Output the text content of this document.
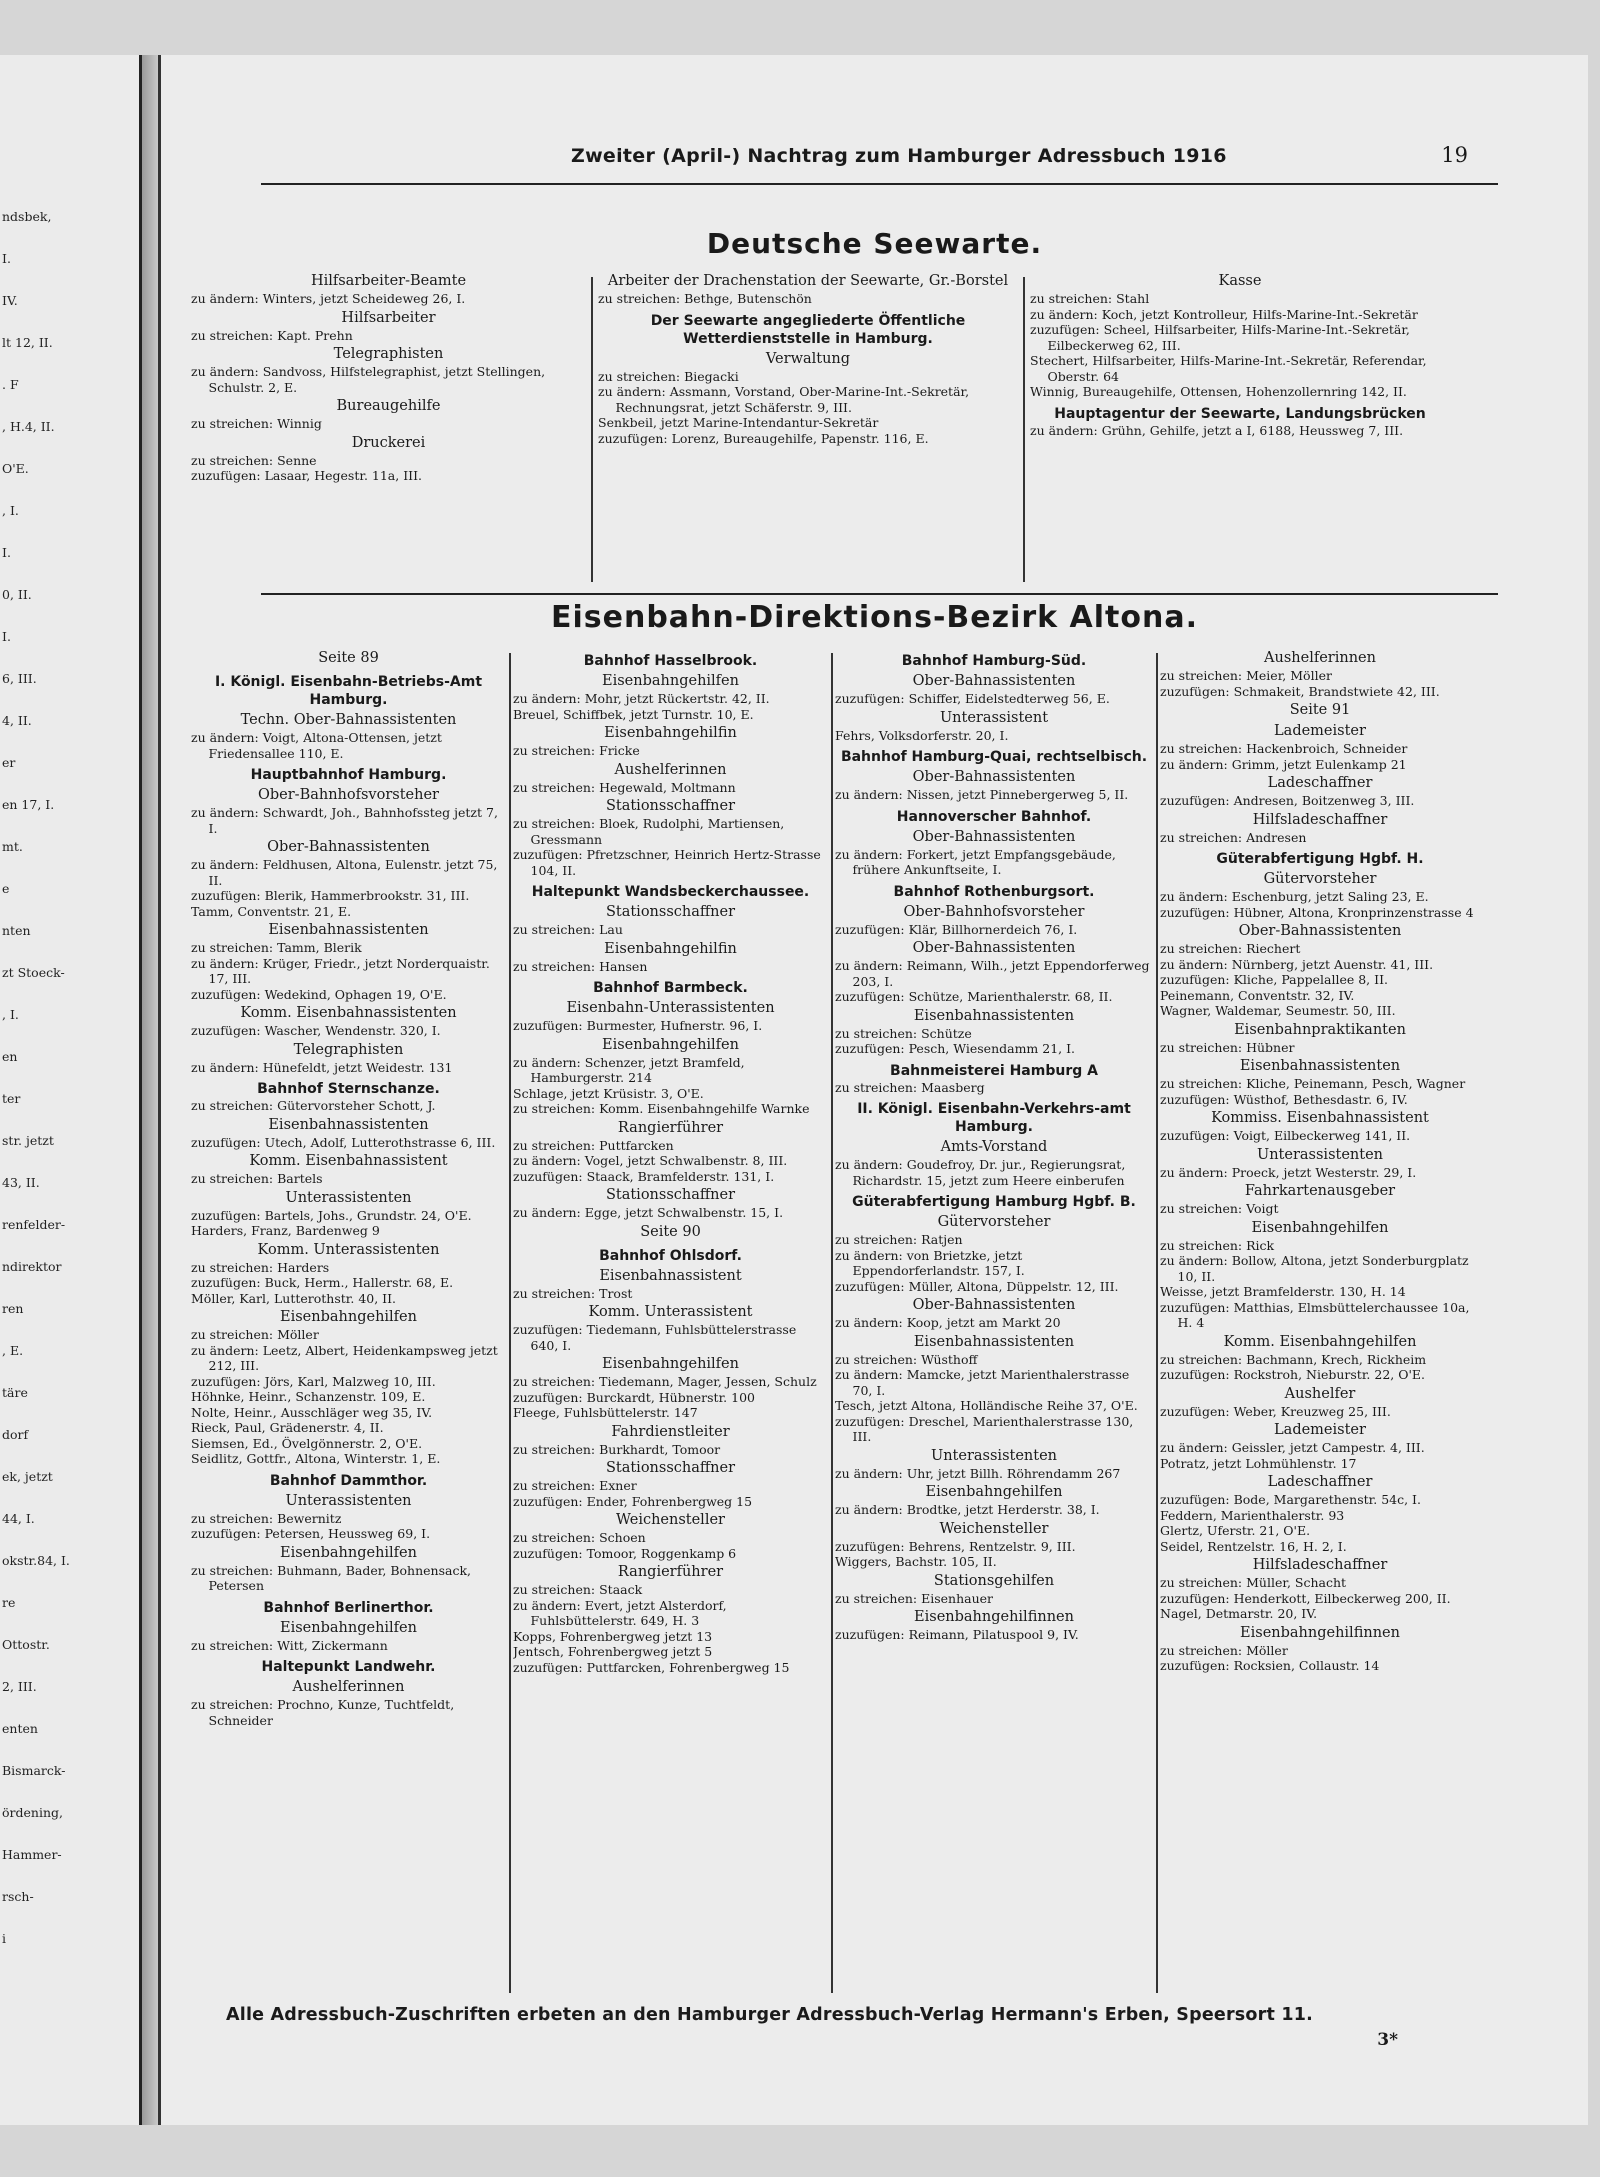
ndsbek,
I.
IV.
lt 12, II.
. F
, H.4, II.
O'E.
, I.
I.
0, II.
I.
6, III.
4, II.
er
en 17, I.
mt.
e
nten
zt Stoeck-
, I.
en
ter
str. jetzt
43, II.
renfelder-
ndirektor
ren
, E.
täre
dorf
ek, jetzt
44, I.
okstr.84, I.
re
Ottostr.
2, III.
enten
Bismarck-
ördening,
Hammer-
rsch-
i
Zweiter (April-) Nachtrag zum Hamburger Adressbuch 1916	19
Deutsche Seewarte.
Hilfsarbeiter-Beamte
zu ändern: Winters, jetzt Scheideweg 26, I.
Hilfsarbeiter
zu streichen: Kapt. Prehn
Telegraphisten
zu ändern: Sandvoss, Hilfstelegraphist, jetzt Stellingen, Schulstr. 2, E.
Bureaugehilfe
zu streichen: Winnig
Druckerei
zu streichen: Senne
zuzufügen: Lasaar, Hegestr. 11a, III.
Arbeiter der Drachenstation der Seewarte, Gr.-Borstel
zu streichen: Bethge, Butenschön
Der Seewarte angegliederte Öffentliche Wetterdienststelle in Hamburg.
Verwaltung
zu streichen: Biegacki
zu ändern: Assmann, Vorstand, Ober-Marine-Int.-Sekretär, Rechnungsrat, jetzt Schäferstr. 9, III.
Senkbeil, jetzt Marine-Intendantur-Sekretär
zuzufügen: Lorenz, Bureaugehilfe, Papenstr. 116, E.
Kasse
zu streichen: Stahl
zu ändern: Koch, jetzt Kontrolleur, Hilfs-Marine-Int.-Sekretär
zuzufügen: Scheel, Hilfsarbeiter, Hilfs-Marine-Int.-Sekretär, Eilbeckerweg 62, III.
Stechert, Hilfsarbeiter, Hilfs-Marine-Int.-Sekretär, Referendar, Oberstr. 64
Winnig, Bureaugehilfe, Ottensen, Hohenzollernring 142, II.
Hauptagentur der Seewarte, Landungsbrücken
zu ändern: Grühn, Gehilfe, jetzt a I, 6188, Heussweg 7, III.
Eisenbahn-Direktions-Bezirk Altona.
Seite 89
I. Königl. Eisenbahn-Betriebs-Amt Hamburg.
Techn. Ober-Bahnassistenten
zu ändern: Voigt, Altona-Ottensen, jetzt Friedensallee 110, E.
Hauptbahnhof Hamburg.
Ober-Bahnhofsvorsteher
zu ändern: Schwardt, Joh., Bahnhofssteg jetzt 7, I.
Ober-Bahnassistenten
zu ändern: Feldhusen, Altona, Eulenstr. jetzt 75, II.
zuzufügen: Blerik, Hammerbrookstr. 31, III.
Tamm, Conventstr. 21, E.
Eisenbahnassistenten
zu streichen: Tamm, Blerik
zu ändern: Krüger, Friedr., jetzt Norderquaistr. 17, III.
zuzufügen: Wedekind, Ophagen 19, O'E.
Komm. Eisenbahnassistenten
zuzufügen: Wascher, Wendenstr. 320, I.
Telegraphisten
zu ändern: Hünefeldt, jetzt Weidestr. 131
Bahnhof Sternschanze.
zu streichen: Gütervorsteher Schott, J.
Eisenbahnassistenten
zuzufügen: Utech, Adolf, Lutterothstrasse 6, III.
Komm. Eisenbahnassistent
zu streichen: Bartels
Unterassistenten
zuzufügen: Bartels, Johs., Grundstr. 24, O'E.
Harders, Franz, Bardenweg 9
Komm. Unterassistenten
zu streichen: Harders
zuzufügen: Buck, Herm., Hallerstr. 68, E.
Möller, Karl, Lutterothstr. 40, II.
Eisenbahngehilfen
zu streichen: Möller
zu ändern: Leetz, Albert, Heidenkampsweg jetzt 212, III.
zuzufügen: Jörs, Karl, Malzweg 10, III.
Höhnke, Heinr., Schanzenstr. 109, E.
Nolte, Heinr., Ausschläger weg 35, IV.
Rieck, Paul, Grädenerstr. 4, II.
Siemsen, Ed., Övelgönnerstr. 2, O'E.
Seidlitz, Gottfr., Altona, Winterstr. 1, E.
Bahnhof Dammthor.
Unterassistenten
zu streichen: Bewernitz
zuzufügen: Petersen, Heussweg 69, I.
Eisenbahngehilfen
zu streichen: Buhmann, Bader, Bohnensack, Petersen
Bahnhof Berlinerthor.
Eisenbahngehilfen
zu streichen: Witt, Zickermann
Haltepunkt Landwehr.
Aushelferinnen
zu streichen: Prochno, Kunze, Tuchtfeldt, Schneider
Bahnhof Hasselbrook.
Eisenbahngehilfen
zu ändern: Mohr, jetzt Rückertstr. 42, II.
Breuel, Schiffbek, jetzt Turnstr. 10, E.
Eisenbahngehilfin
zu streichen: Fricke
Aushelferinnen
zu streichen: Hegewald, Moltmann
Stationsschaffner
zu streichen: Bloek, Rudolphi, Martiensen, Gressmann
zuzufügen: Pfretzschner, Heinrich Hertz-Strasse 104, II.
Haltepunkt Wandsbeckerchaussee.
Stationsschaffner
zu streichen: Lau
Eisenbahngehilfin
zu streichen: Hansen
Bahnhof Barmbeck.
Eisenbahn-Unterassistenten
zuzufügen: Burmester, Hufnerstr. 96, I.
Eisenbahngehilfen
zu ändern: Schenzer, jetzt Bramfeld, Hamburgerstr. 214
Schlage, jetzt Krüsistr. 3, O'E.
zu streichen: Komm. Eisenbahngehilfe Warnke
Rangierführer
zu streichen: Puttfarcken
zu ändern: Vogel, jetzt Schwalbenstr. 8, III.
zuzufügen: Staack, Bramfelderstr. 131, I.
Stationsschaffner
zu ändern: Egge, jetzt Schwalbenstr. 15, I.
Seite 90
Bahnhof Ohlsdorf.
Eisenbahnassistent
zu streichen: Trost
Komm. Unterassistent
zuzufügen: Tiedemann, Fuhlsbüttelerstrasse 640, I.
Eisenbahngehilfen
zu streichen: Tiedemann, Mager, Jessen, Schulz
zuzufügen: Burckardt, Hübnerstr. 100
Fleege, Fuhlsbüttelerstr. 147
Fahrdienstleiter
zu streichen: Burkhardt, Tomoor
Stationsschaffner
zu streichen: Exner
zuzufügen: Ender, Fohrenbergweg 15
Weichensteller
zu streichen: Schoen
zuzufügen: Tomoor, Roggenkamp 6
Rangierführer
zu streichen: Staack
zu ändern: Evert, jetzt Alsterdorf, Fuhlsbüttelerstr. 649, H. 3
Kopps, Fohrenbergweg jetzt 13
Jentsch, Fohrenbergweg jetzt 5
zuzufügen: Puttfarcken, Fohrenbergweg 15
Bahnhof Hamburg-Süd.
Ober-Bahnassistenten
zuzufügen: Schiffer, Eidelstedterweg 56, E.
Unterassistent
Fehrs, Volksdorferstr. 20, I.
Bahnhof Hamburg-Quai, rechtselbisch.
Ober-Bahnassistenten
zu ändern: Nissen, jetzt Pinnebergerweg 5, II.
Hannoverscher Bahnhof.
Ober-Bahnassistenten
zu ändern: Forkert, jetzt Empfangsgebäude, frühere Ankunftseite, I.
Bahnhof Rothenburgsort.
Ober-Bahnhofsvorsteher
zuzufügen: Klär, Billhornerdeich 76, I.
Ober-Bahnassistenten
zu ändern: Reimann, Wilh., jetzt Eppendorferweg 203, I.
zuzufügen: Schütze, Marienthalerstr. 68, II.
Eisenbahnassistenten
zu streichen: Schütze
zuzufügen: Pesch, Wiesendamm 21, I.
Bahnmeisterei Hamburg A
zu streichen: Maasberg
II. Königl. Eisenbahn-Verkehrs-amt Hamburg.
Amts-Vorstand
zu ändern: Goudefroy, Dr. jur., Regierungsrat, Richardstr. 15, jetzt zum Heere einberufen
Güterabfertigung Hamburg Hgbf. B.
Gütervorsteher
zu streichen: Ratjen
zu ändern: von Brietzke, jetzt Eppendorferlandstr. 157, I.
zuzufügen: Müller, Altona, Düppelstr. 12, III.
Ober-Bahnassistenten
zu ändern: Koop, jetzt am Markt 20
Eisenbahnassistenten
zu streichen: Wüsthoff
zu ändern: Mamcke, jetzt Marienthalerstrasse 70, I.
Tesch, jetzt Altona, Holländische Reihe 37, O'E.
zuzufügen: Dreschel, Marienthalerstrasse 130, III.
Unterassistenten
zu ändern: Uhr, jetzt Billh. Röhrendamm 267
Eisenbahngehilfen
zu ändern: Brodtke, jetzt Herderstr. 38, I.
Weichensteller
zuzufügen: Behrens, Rentzelstr. 9, III.
Wiggers, Bachstr. 105, II.
Stationsgehilfen
zu streichen: Eisenhauer
Eisenbahngehilfinnen
zuzufügen: Reimann, Pilatuspool 9, IV.
Aushelferinnen
zu streichen: Meier, Möller
zuzufügen: Schmakeit, Brandstwiete 42, III.
Seite 91
Lademeister
zu streichen: Hackenbroich, Schneider
zu ändern: Grimm, jetzt Eulenkamp 21
Ladeschaffner
zuzufügen: Andresen, Boitzenweg 3, III.
Hilfsladeschaffner
zu streichen: Andresen
Güterabfertigung Hgbf. H.
Gütervorsteher
zu ändern: Eschenburg, jetzt Saling 23, E.
zuzufügen: Hübner, Altona, Kronprinzenstrasse 4
Ober-Bahnassistenten
zu streichen: Riechert
zu ändern: Nürnberg, jetzt Auenstr. 41, III.
zuzufügen: Kliche, Pappelallee 8, II.
Peinemann, Conventstr. 32, IV.
Wagner, Waldemar, Seumestr. 50, III.
Eisenbahnpraktikanten
zu streichen: Hübner
Eisenbahnassistenten
zu streichen: Kliche, Peinemann, Pesch, Wagner
zuzufügen: Wüsthof, Bethesdastr. 6, IV.
Kommiss. Eisenbahnassistent
zuzufügen: Voigt, Eilbeckerweg 141, II.
Unterassistenten
zu ändern: Proeck, jetzt Westerstr. 29, I.
Fahrkartenausgeber
zu streichen: Voigt
Eisenbahngehilfen
zu streichen: Rick
zu ändern: Bollow, Altona, jetzt Sonderburgplatz 10, II.
Weisse, jetzt Bramfelderstr. 130, H. 14
zuzufügen: Matthias, Elmsbüttelerchaussee 10a, H. 4
Komm. Eisenbahngehilfen
zu streichen: Bachmann, Krech, Rickheim
zuzufügen: Rockstroh, Nieburstr. 22, O'E.
Aushelfer
zuzufügen: Weber, Kreuzweg 25, III.
Lademeister
zu ändern: Geissler, jetzt Campestr. 4, III.
Potratz, jetzt Lohmühlenstr. 17
Ladeschaffner
zuzufügen: Bode, Margarethenstr. 54c, I.
Feddern, Marienthalerstr. 93
Glertz, Uferstr. 21, O'E.
Seidel, Rentzelstr. 16, H. 2, I.
Hilfsladeschaffner
zu streichen: Müller, Schacht
zuzufügen: Henderkott, Eilbeckerweg 200, II.
Nagel, Detmarstr. 20, IV.
Eisenbahngehilfinnen
zu streichen: Möller
zuzufügen: Rocksien, Collaustr. 14
Alle Adressbuch-Zuschriften erbeten an den Hamburger Adressbuch-Verlag Hermann's Erben, Speersort 11.
3*
